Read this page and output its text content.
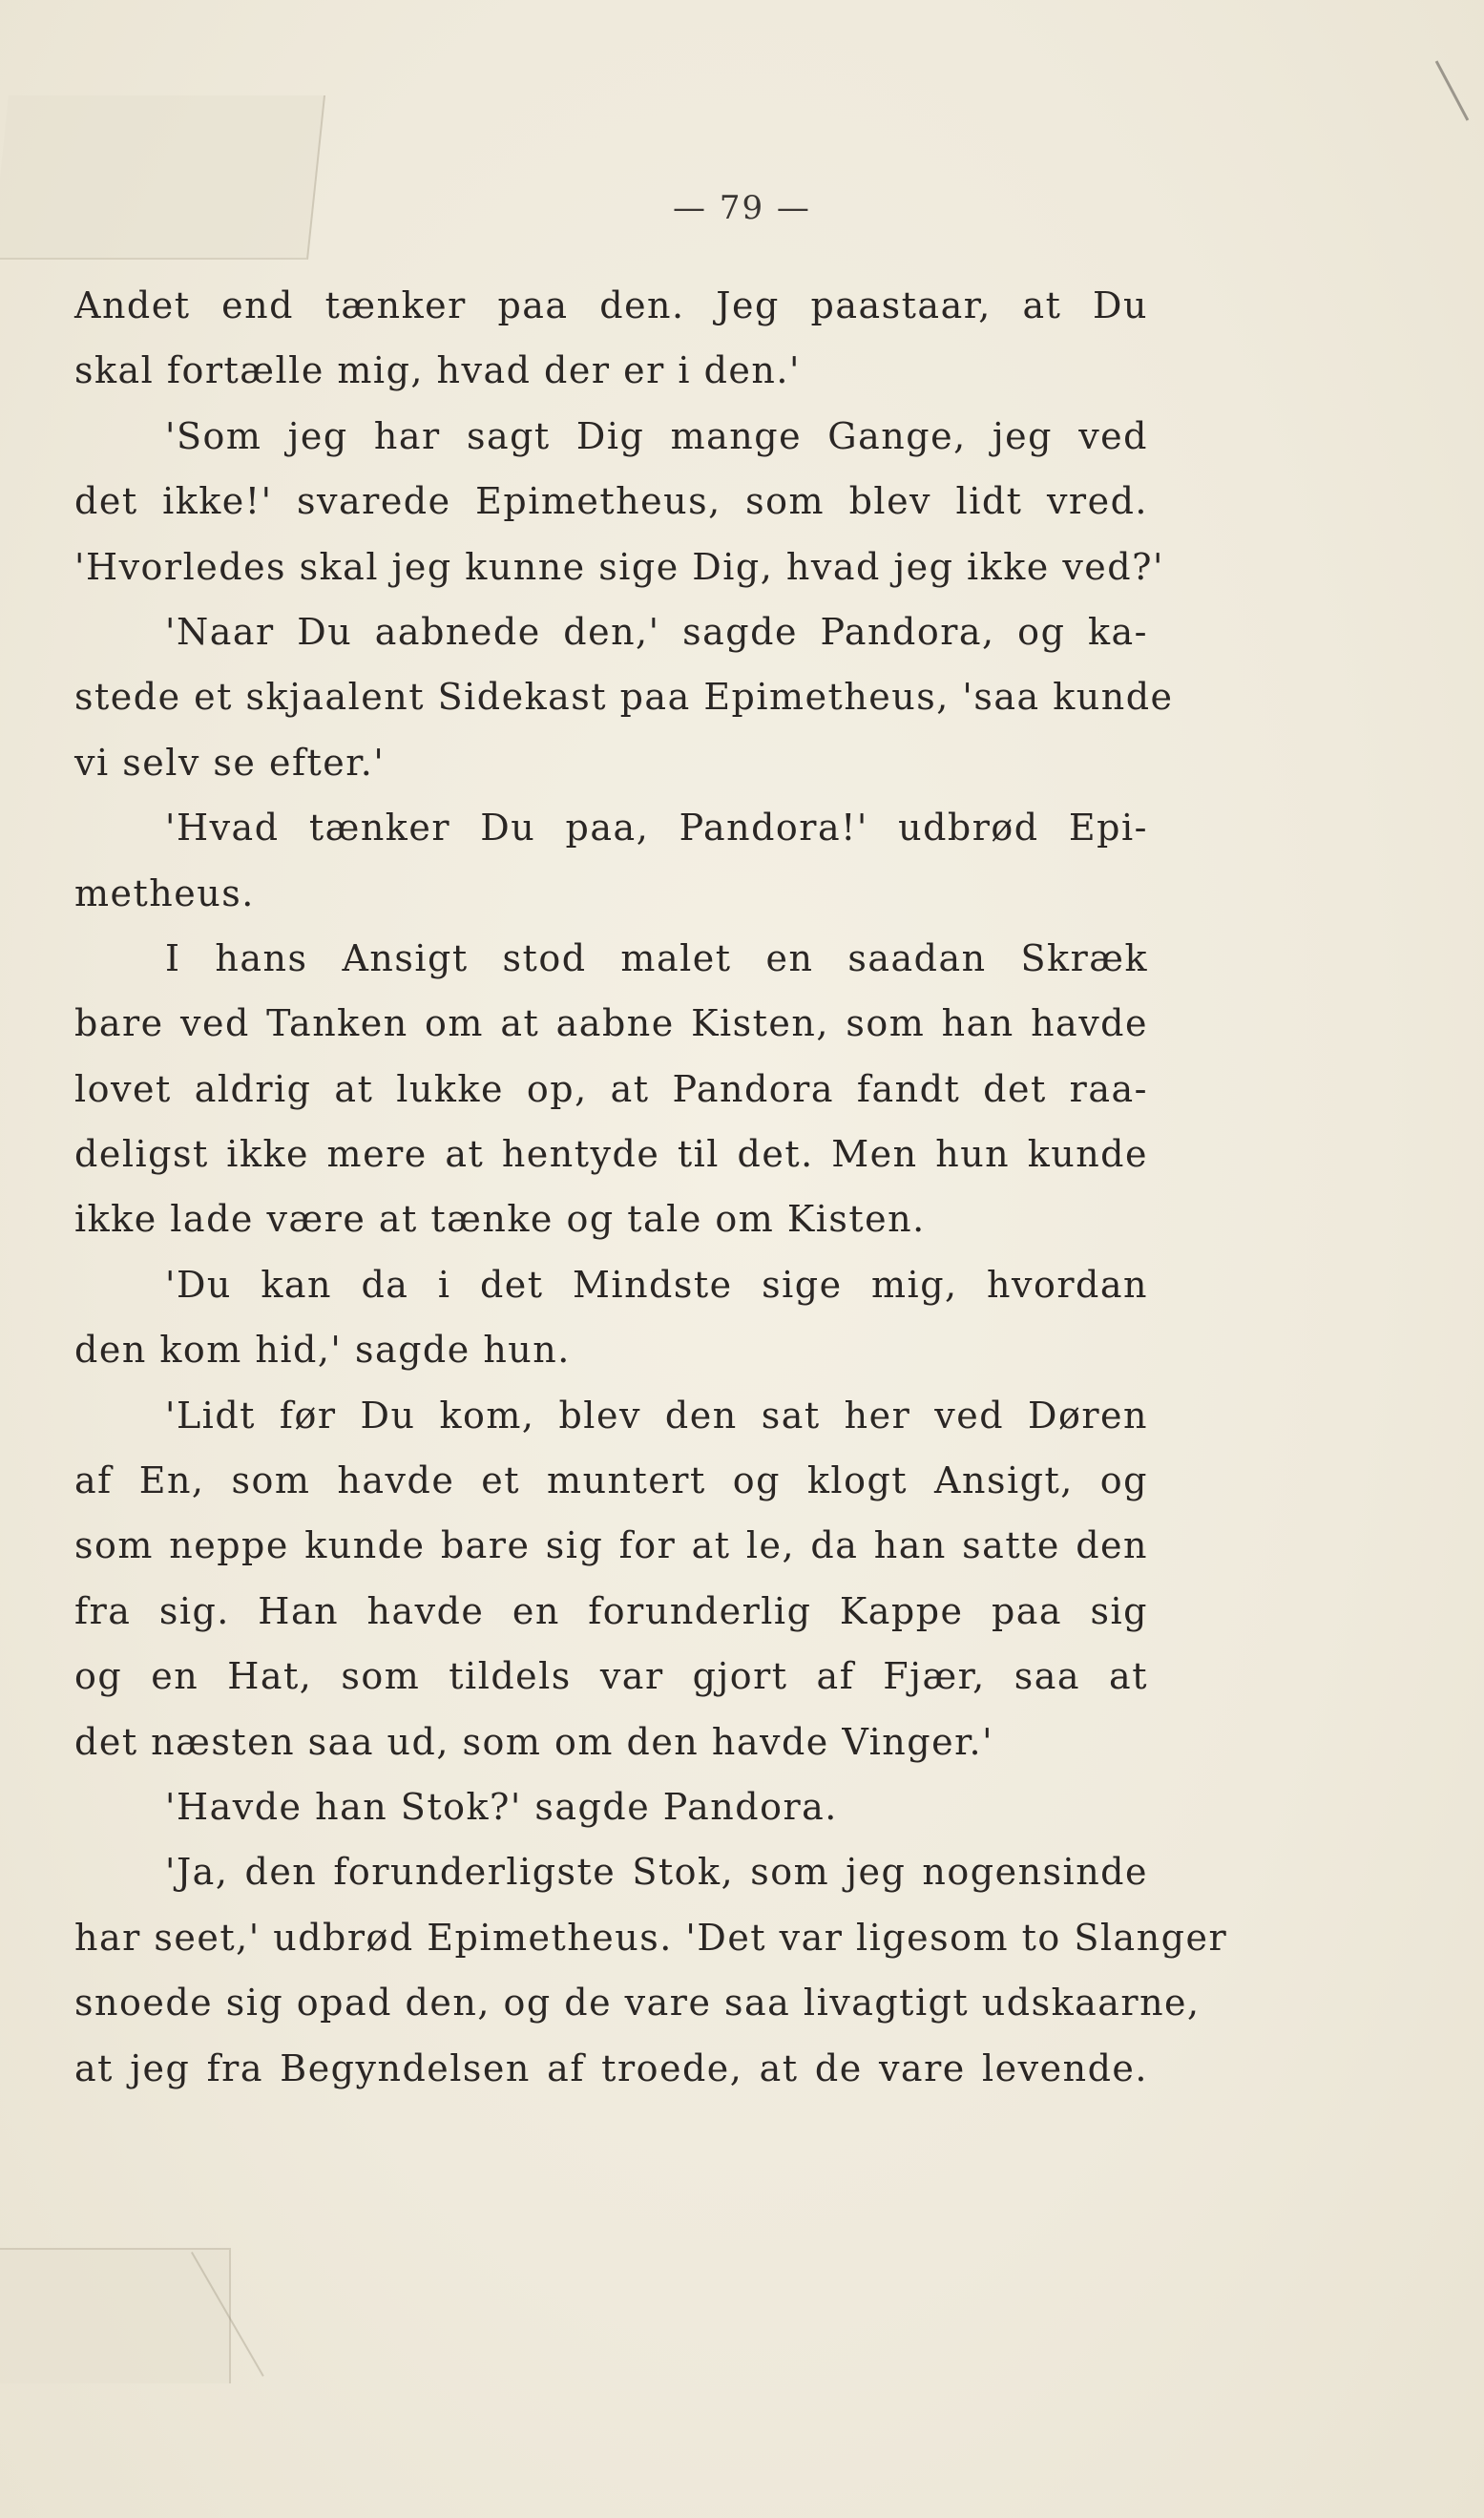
— 79 —
Andet end tænker paa den. Jeg paastaar, at Du
skal fortælle mig, hvad der er i den.'
'Som jeg har sagt Dig mange Gange, jeg ved
det ikke!' svarede Epimetheus, som blev lidt vred.
'Hvorledes skal jeg kunne sige Dig, hvad jeg ikke ved?'
'Naar Du aabnede den,' sagde Pandora, og ka-
stede et skjaalent Sidekast paa Epimetheus, 'saa kunde
vi selv se efter.'
'Hvad tænker Du paa, Pandora!' udbrød Epi-
metheus.
I hans Ansigt stod malet en saadan Skræk
bare ved Tanken om at aabne Kisten, som han havde
lovet aldrig at lukke op, at Pandora fandt det raa-
deligst ikke mere at hentyde til det. Men hun kunde
ikke lade være at tænke og tale om Kisten.
'Du kan da i det Mindste sige mig, hvordan
den kom hid,' sagde hun.
'Lidt før Du kom, blev den sat her ved Døren
af En, som havde et muntert og klogt Ansigt, og
som neppe kunde bare sig for at le, da han satte den
fra sig. Han havde en forunderlig Kappe paa sig
og en Hat, som tildels var gjort af Fjær, saa at
det næsten saa ud, som om den havde Vinger.'
'Havde han Stok?' sagde Pandora.
'Ja, den forunderligste Stok, som jeg nogensinde
har seet,' udbrød Epimetheus. 'Det var ligesom to Slanger
snoede sig opad den, og de vare saa livagtigt udskaarne,
at jeg fra Begyndelsen af troede, at de vare levende.
